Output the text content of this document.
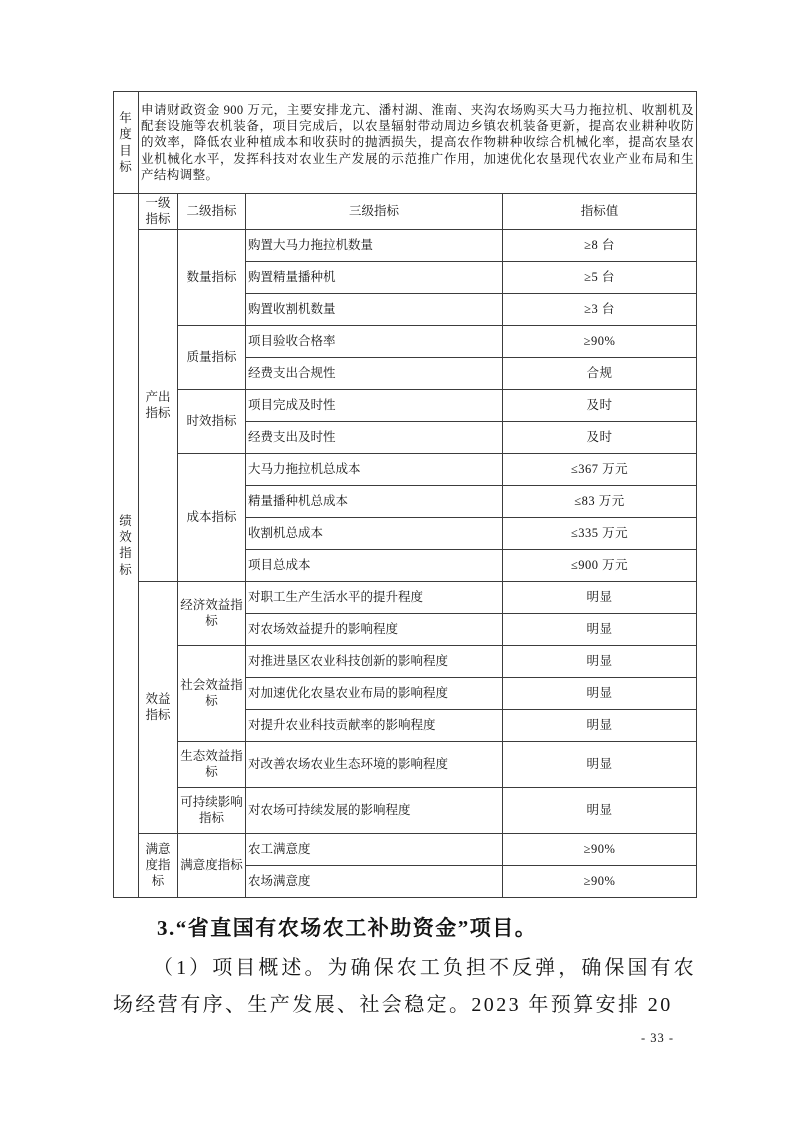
年度目标	申请财政资金 900 万元，主要安排龙亢、潘村湖、淮南、夹沟农场购买大马力拖拉机、收割机及配套设施等农机装备，项目完成后，以农垦辐射带动周边乡镇农机装备更新，提高农业耕种收防的效率，降低农业种植成本和收获时的抛洒损失，提高农作物耕种收综合机械化率，提高农垦农业机械化水平，发挥科技对农业生产发展的示范推广作用，加速优化农垦现代农业产业布局和生产结构调整。			
绩效指标	一级指标	二级指标	三级指标	指标值
	产出指标	数量指标	购置大马力拖拉机数量	≥8 台
			购置精量播种机	≥5 台
			购置收割机数量	≥3 台
		质量指标	项目验收合格率	≥90%
			经费支出合规性	合规
		时效指标	项目完成及时性	及时
			经费支出及时性	及时
		成本指标	大马力拖拉机总成本	≤367 万元
			精量播种机总成本	≤83 万元
			收割机总成本	≤335 万元
			项目总成本	≤900 万元
	效益指标	经济效益指标	对职工生产生活水平的提升程度	明显
			对农场效益提升的影响程度	明显
		社会效益指标	对推进垦区农业科技创新的影响程度	明显
			对加速优化农垦农业布局的影响程度	明显
			对提升农业科技贡献率的影响程度	明显
		生态效益指标	对改善农场农业生态环境的影响程度	明显
		可持续影响指标	对农场可持续发展的影响程度	明显
	满意度指标	满意度指标	农工满意度	≥90%
			农场满意度	≥90%
3.“省直国有农场农工补助资金”项目。

（1）项目概述。为确保农工负担不反弹，确保国有农场经营有序、生产发展、社会稳定。2023 年预算安排 20

- 33 -
